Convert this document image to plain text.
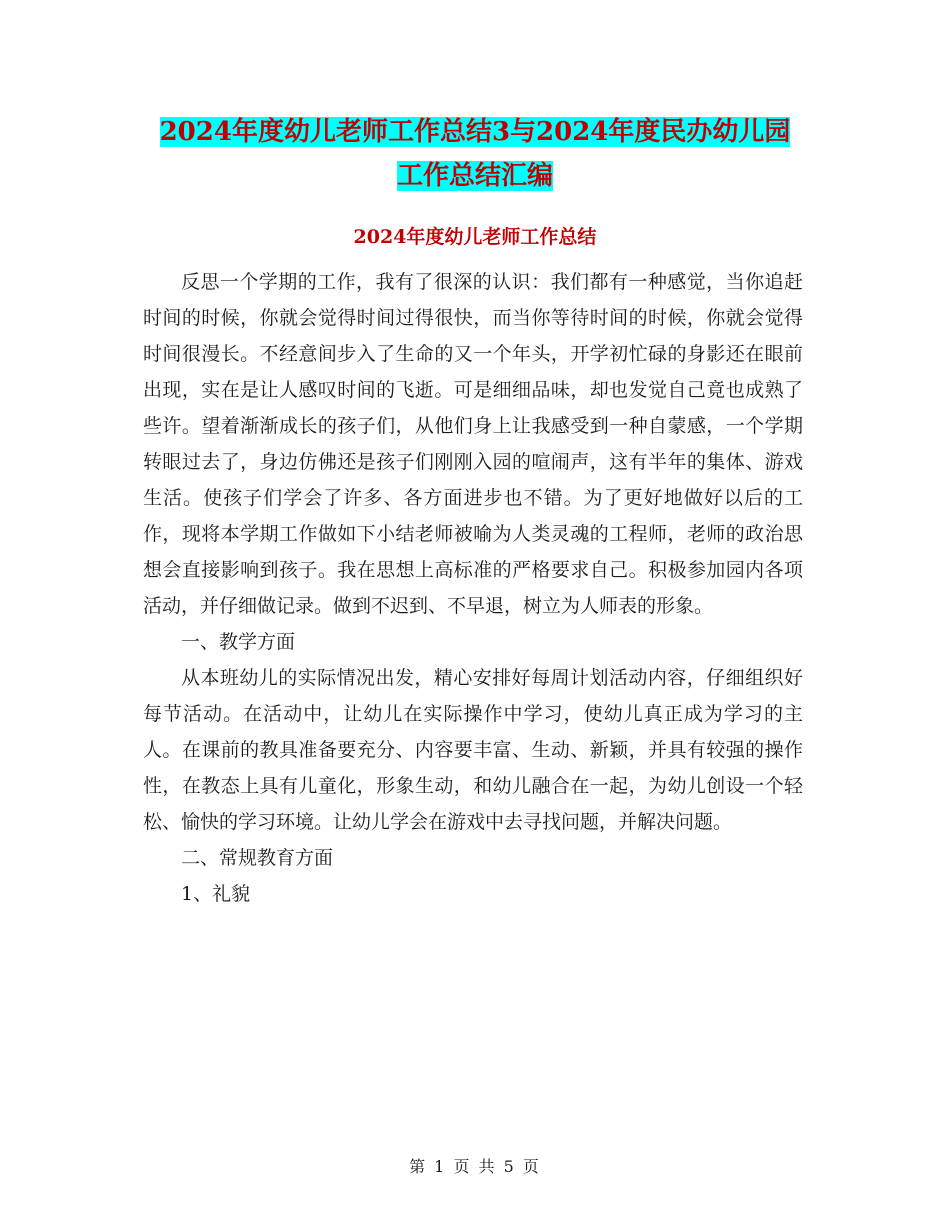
2024年度幼儿老师工作总结3与2024年度民办幼儿园
工作总结汇编
2024年度幼儿老师工作总结

反思一个学期的工作，我有了很深的认识：我们都有一种感觉，当你追赶时间的时候，你就会觉得时间过得很快，而当你等待时间的时候，你就会觉得时间很漫长。不经意间步入了生命的又一个年头，开学初忙碌的身影还在眼前出现，实在是让人感叹时间的飞逝。可是细细品味，却也发觉自己竟也成熟了些许。望着渐渐成长的孩子们，从他们身上让我感受到一种自蒙感，一个学期转眼过去了，身边仿佛还是孩子们刚刚入园的喧闹声，这有半年的集体、游戏生活。使孩子们学会了许多、各方面进步也不错。为了更好地做好以后的工作，现将本学期工作做如下小结老师被喻为人类灵魂的工程师，老师的政治思想会直接影响到孩子。我在思想上高标准的严格要求自己。积极参加园内各项活动，并仔细做记录。做到不迟到、不早退，树立为人师表的形象。

一、教学方面

从本班幼儿的实际情况出发，精心安排好每周计划活动内容，仔细组织好每节活动。在活动中，让幼儿在实际操作中学习，使幼儿真正成为学习的主人。在课前的教具准备要充分、内容要丰富、生动、新颖，并具有较强的操作性，在教态上具有儿童化，形象生动，和幼儿融合在一起，为幼儿创设一个轻松、愉快的学习环境。让幼儿学会在游戏中去寻找问题，并解决问题。

二、常规教育方面

1、礼貌

第 1 页 共 5 页
